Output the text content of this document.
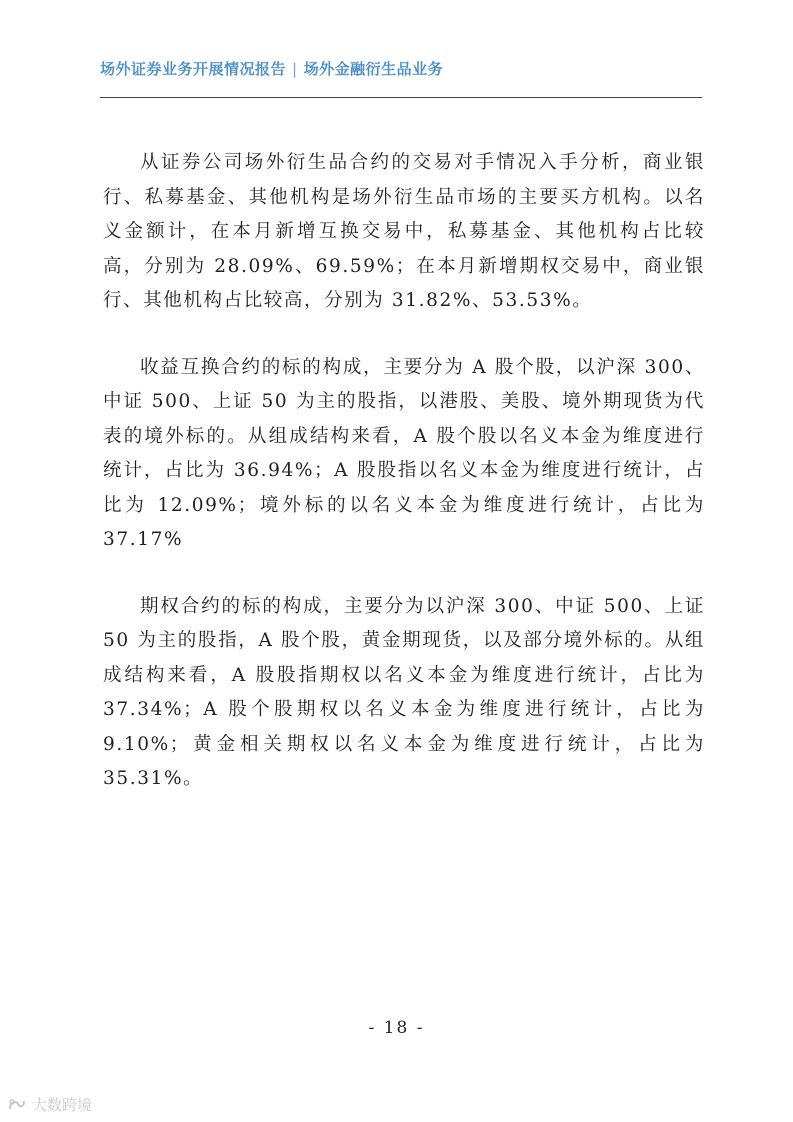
场外证券业务开展情况报告 | 场外金融衍生品业务

从证券公司场外衍生品合约的交易对手情况入手分析，商业银行、私募基金、其他机构是场外衍生品市场的主要买方机构。以名义金额计，在本月新增互换交易中，私募基金、其他机构占比较高，分别为 28.09%、69.59%；在本月新增期权交易中，商业银行、其他机构占比较高，分别为 31.82%、53.53%。

收益互换合约的标的构成，主要分为 A 股个股，以沪深 300、中证 500、上证 50 为主的股指，以港股、美股、境外期现货为代表的境外标的。从组成结构来看，A 股个股以名义本金为维度进行统计，占比为 36.94%；A 股股指以名义本金为维度进行统计，占比为 12.09%；境外标的以名义本金为维度进行统计，占比为 37.17%

期权合约的标的构成，主要分为以沪深 300、中证 500、上证 50 为主的股指，A 股个股，黄金期现货，以及部分境外标的。从组成结构来看，A 股股指期权以名义本金为维度进行统计，占比为 37.34%；A 股个股期权以名义本金为维度进行统计，占比为 9.10%；黄金相关期权以名义本金为维度进行统计，占比为 35.31%。

- 18 -
大数跨境
